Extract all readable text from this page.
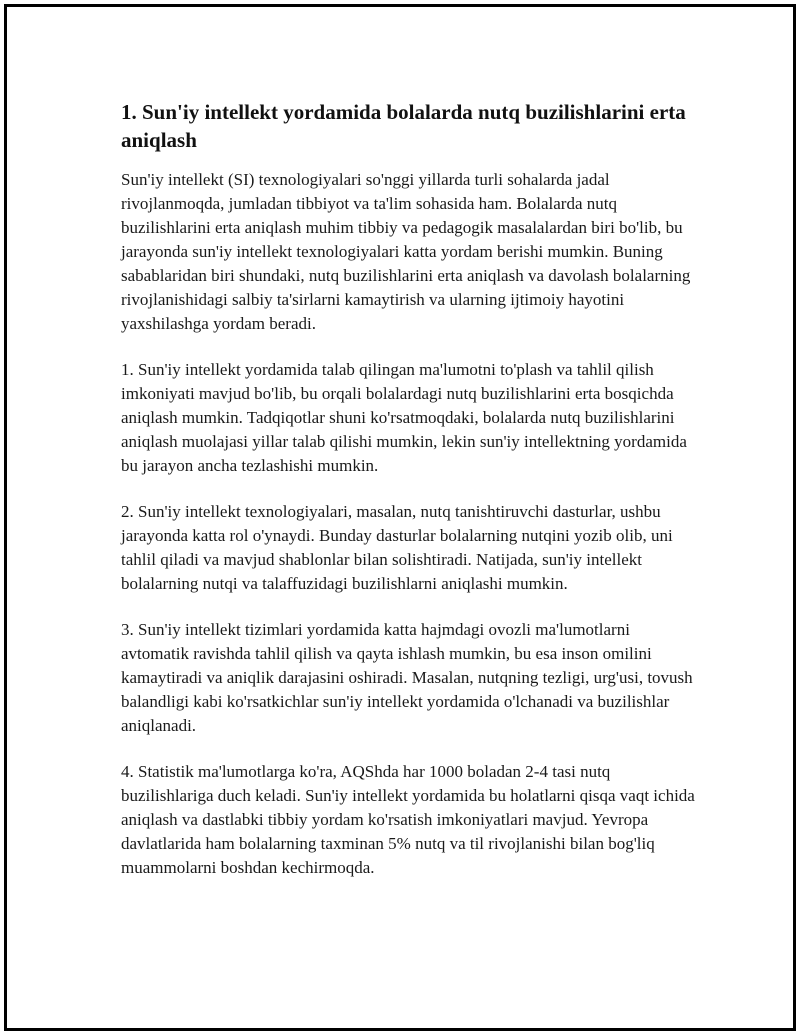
1. Sun'iy intellekt yordamida bolalarda nutq buzilishlarini erta aniqlash

Sun'iy intellekt (SI) texnologiyalari so'nggi yillarda turli sohalarda jadal rivojlanmoqda, jumladan tibbiyot va ta'lim sohasida ham. Bolalarda nutq buzilishlarini erta aniqlash muhim tibbiy va pedagogik masalalardan biri bo'lib, bu jarayonda sun'iy intellekt texnologiyalari katta yordam berishi mumkin. Buning sabablaridan biri shundaki, nutq buzilishlarini erta aniqlash va davolash bolalarning rivojlanishidagi salbiy ta'sirlarni kamaytirish va ularning ijtimoiy hayotini yaxshilashga yordam beradi.

1. Sun'iy intellekt yordamida talab qilingan ma'lumotni to'plash va tahlil qilish imkoniyati mavjud bo'lib, bu orqali bolalardagi nutq buzilishlarini erta bosqichda aniqlash mumkin. Tadqiqotlar shuni ko'rsatmoqdaki, bolalarda nutq buzilishlarini aniqlash muolajasi yillar talab qilishi mumkin, lekin sun'iy intellektning yordamida bu jarayon ancha tezlashishi mumkin.

2. Sun'iy intellekt texnologiyalari, masalan, nutq tanishtiruvchi dasturlar, ushbu jarayonda katta rol o'ynaydi. Bunday dasturlar bolalarning nutqini yozib olib, uni tahlil qiladi va mavjud shablonlar bilan solishtiradi. Natijada, sun'iy intellekt bolalarning nutqi va talaffuzidagi buzilishlarni aniqlashi mumkin.

3. Sun'iy intellekt tizimlari yordamida katta hajmdagi ovozli ma'lumotlarni avtomatik ravishda tahlil qilish va qayta ishlash mumkin, bu esa inson omilini kamaytiradi va aniqlik darajasini oshiradi. Masalan, nutqning tezligi, urg'usi, tovush balandligi kabi ko'rsatkichlar sun'iy intellekt yordamida o'lchanadi va buzilishlar aniqlanadi.

4. Statistik ma'lumotlarga ko'ra, AQShda har 1000 boladan 2-4 tasi nutq buzilishlariga duch keladi. Sun'iy intellekt yordamida bu holatlarni qisqa vaqt ichida aniqlash va dastlabki tibbiy yordam ko'rsatish imkoniyatlari mavjud. Yevropa davlatlarida ham bolalarning taxminan 5% nutq va til rivojlanishi bilan bog'liq muammolarni boshdan kechirmoqda.
